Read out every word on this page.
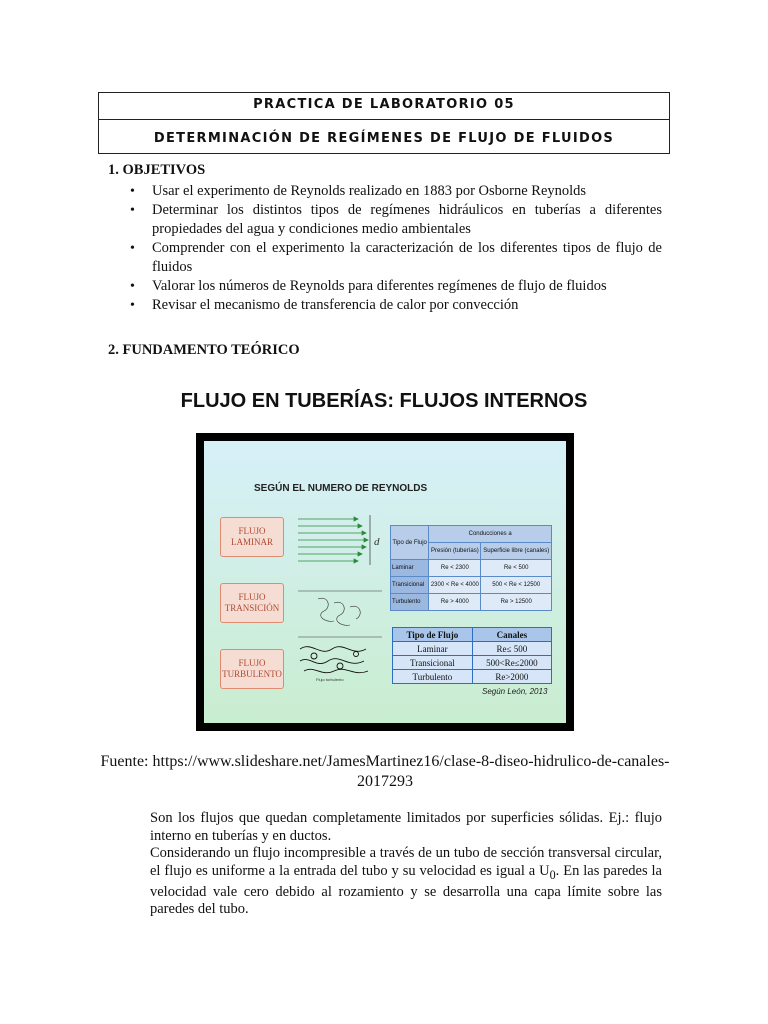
PRACTICA DE LABORATORIO 05
DETERMINACIÓN DE REGÍMENES DE FLUJO DE FLUIDOS
1. OBJETIVOS
• Usar el experimento de Reynolds realizado en 1883 por Osborne Reynolds
• Determinar los distintos tipos de regímenes hidráulicos en tuberías a diferentes propiedades del agua y condiciones medio ambientales
• Comprender con el experimento la caracterización de los diferentes tipos de flujo de fluidos
• Valorar los números de Reynolds para diferentes regímenes de flujo de fluidos
• Revisar el mecanismo de transferencia de calor por convección
2. FUNDAMENTO TEÓRICO
FLUJO EN TUBERÍAS: FLUJOS INTERNOS
SEGÚN EL NUMERO DE REYNOLDS
FLUJO LAMINAR
FLUJO TRANSICIÓN
FLUJO TURBULENTO
d
Flujo turbulento
Tipo de Flujo	Conducciones a	
	Presión (tuberías)	Superficie libre (canales)
Laminar	Re < 2300	Re < 500
Transicional	2300 < Re < 4000	500 < Re < 12500
Turbulento	Re > 4000	Re > 12500
Tipo de Flujo	Canales
Laminar	Re≤ 500
Transicional	500<Re≤2000
Turbulento	Re>2000
Según León, 2013
Fuente: https://www.slideshare.net/JamesMartinez16/clase-8-diseo-hidrulico-de-canales-2017293

Son los flujos que quedan completamente limitados por superficies sólidas. Ej.: flujo interno en tuberías y en ductos.

Considerando un flujo incompresible a través de un tubo de sección transversal circular, el flujo es uniforme a la entrada del tubo y su velocidad es igual a $U_0$. En las paredes la velocidad vale cero debido al rozamiento y se desarrolla una capa límite sobre las paredes del tubo.
